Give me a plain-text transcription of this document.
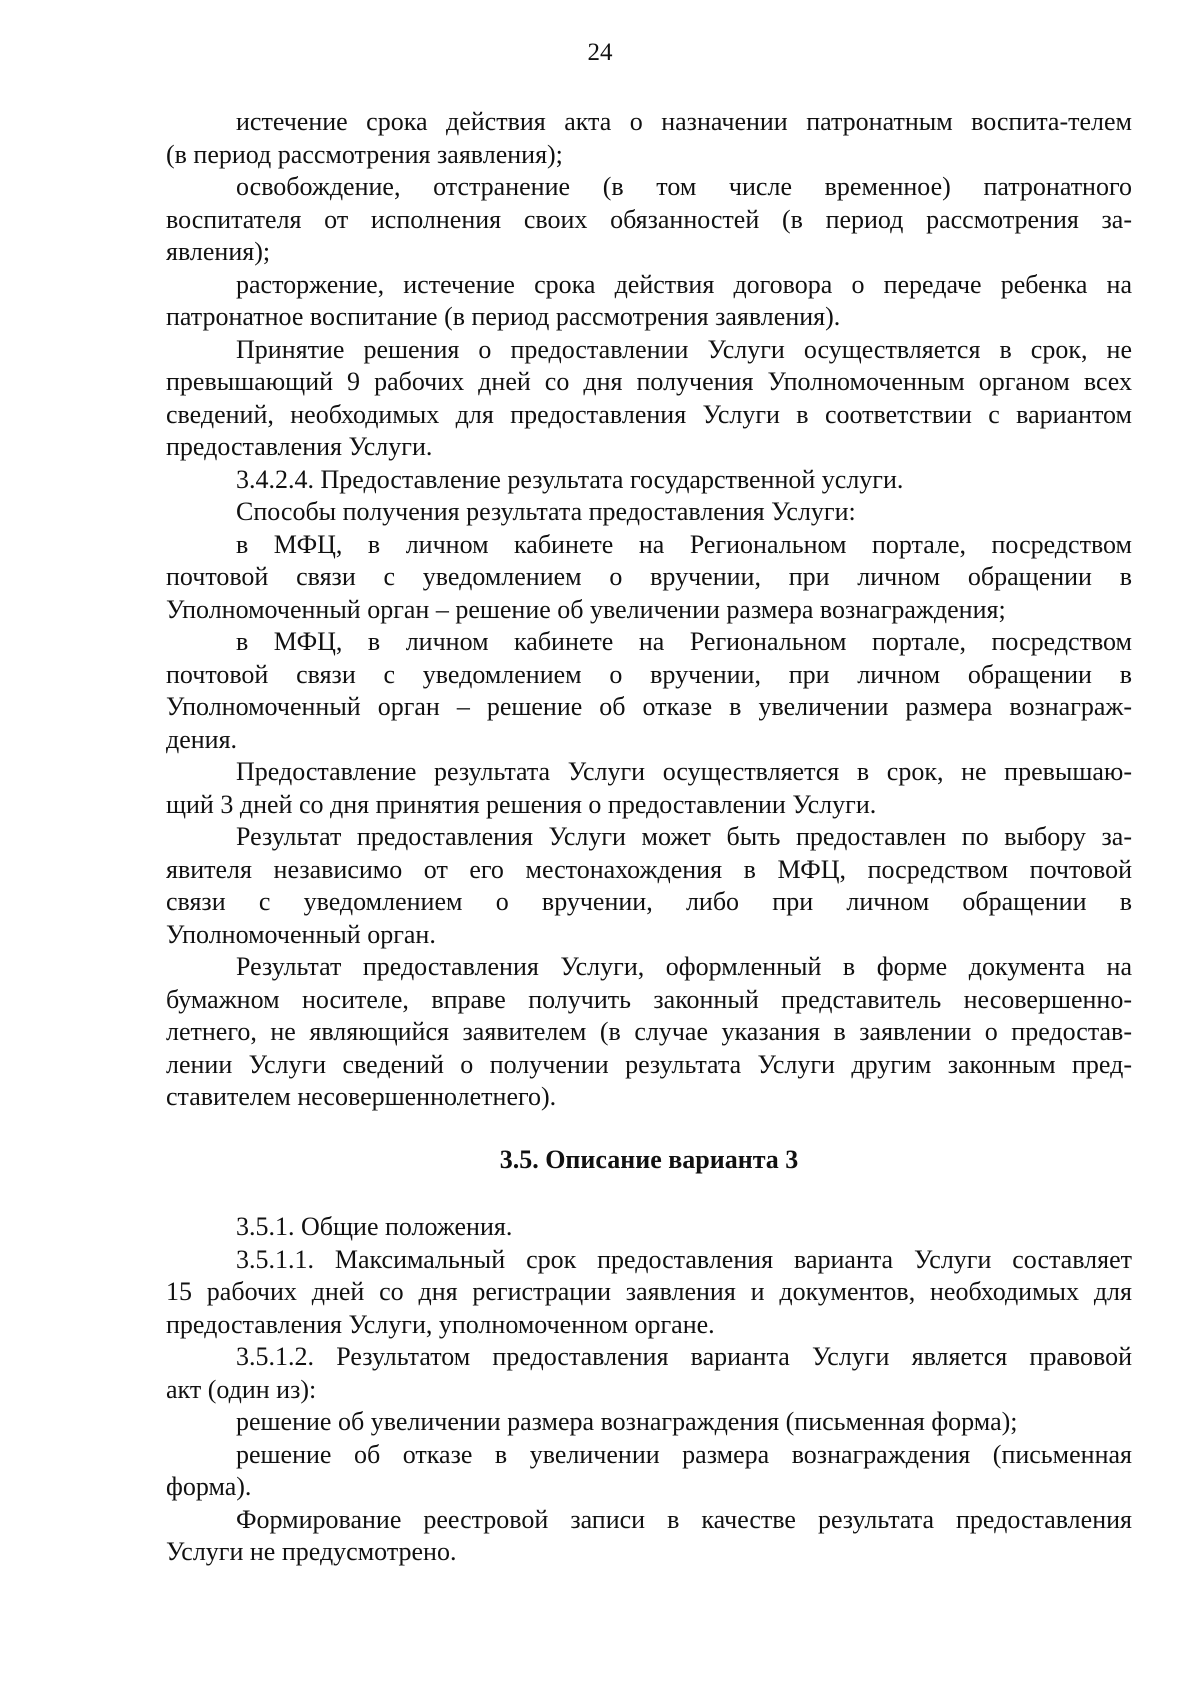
24
истечение срока действия акта о назначении патронатным воспита-телем
(в период рассмотрения заявления);
освобождение, отстранение (в том числе временное) патронатного
воспитателя от исполнения своих обязанностей (в период рассмотрения за-
явления);
расторжение, истечение срока действия договора о передаче ребенка на
патронатное воспитание (в период рассмотрения заявления).
Принятие решения о предоставлении Услуги осуществляется в срок, не
превышающий 9 рабочих дней со дня получения Уполномоченным органом всех
сведений, необходимых для предоставления Услуги в соответствии с вариантом
предоставления Услуги.
3.4.2.4. Предоставление результата государственной услуги.
Способы получения результата предоставления Услуги:
в МФЦ, в личном кабинете на Региональном портале, посредством
почтовой связи с уведомлением о вручении, при личном обращении в
Уполномоченный орган – решение об увеличении размера вознаграждения;
в МФЦ, в личном кабинете на Региональном портале, посредством
почтовой связи с уведомлением о вручении, при личном обращении в
Уполномоченный орган – решение об отказе в увеличении размера вознаграж-
дения.
Предоставление результата Услуги осуществляется в срок, не превышаю-
щий 3 дней со дня принятия решения о предоставлении Услуги.
Результат предоставления Услуги может быть предоставлен по выбору за-
явителя независимо от его местонахождения в МФЦ, посредством почтовой
связи с уведомлением о вручении, либо при личном обращении в
Уполномоченный орган.
Результат предоставления Услуги, оформленный в форме документа на
бумажном носителе, вправе получить законный представитель несовершенно-
летнего, не являющийся заявителем (в случае указания в заявлении о предостав-
лении Услуги сведений о получении результата Услуги другим законным пред-
ставителем несовершеннолетнего).
3.5. Описание варианта 3
3.5.1. Общие положения.
3.5.1.1. Максимальный срок предоставления варианта Услуги составляет
15 рабочих дней со дня регистрации заявления и документов, необходимых для
предоставления Услуги, уполномоченном органе.
3.5.1.2. Результатом предоставления варианта Услуги является правовой
акт (один из):
решение об увеличении размера вознаграждения (письменная форма);
решение об отказе в увеличении размера вознаграждения (письменная
форма).
Формирование реестровой записи в качестве результата предоставления
Услуги не предусмотрено.
